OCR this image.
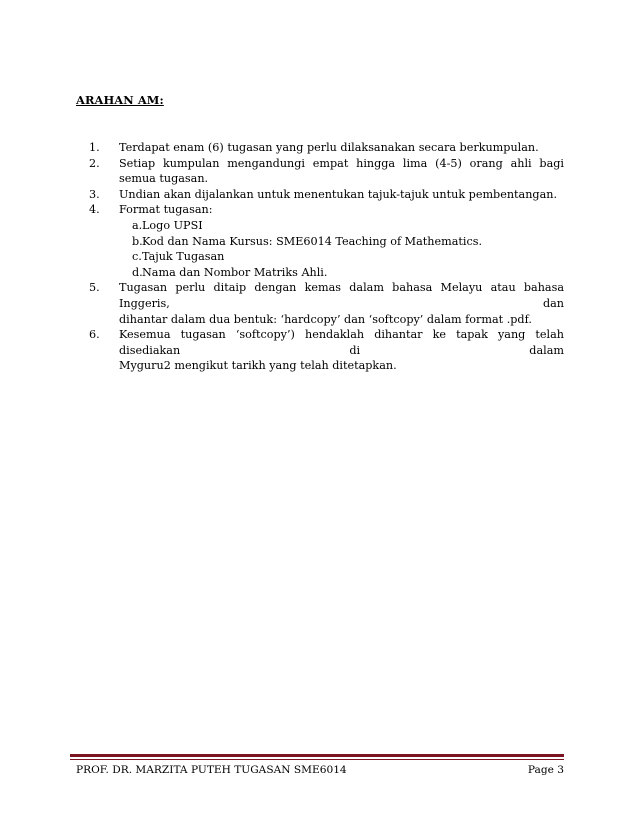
ARAHAN AM:
1.	Terdapat enam (6) tugasan yang perlu dilaksanakan secara berkumpulan.
2.	Setiap kumpulan mengandungi empat hingga lima (4-5) orang ahli bagi semua tugasan.
3.	Undian akan dijalankan untuk menentukan tajuk-tajuk untuk pembentangan.
4.	Format tugasan:
a. Logo UPSI
b. Kod dan Nama Kursus: SME6014 Teaching of Mathematics.
c. Tajuk Tugasan
d. Nama dan Nombor Matriks Ahli.
5.	Tugasan perlu ditaip dengan kemas dalam bahasa Melayu atau bahasa Inggeris, dan
dihantar dalam dua bentuk: ‘hardcopy’ dan ‘softcopy’ dalam format .pdf.
6.	Kesemua tugasan ‘softcopy’) hendaklah dihantar ke tapak yang telah disediakan di dalam
Myguru2 mengikut tarikh yang telah ditetapkan.
PROF. DR. MARZITA PUTEH TUGASAN SME6014	Page 3
